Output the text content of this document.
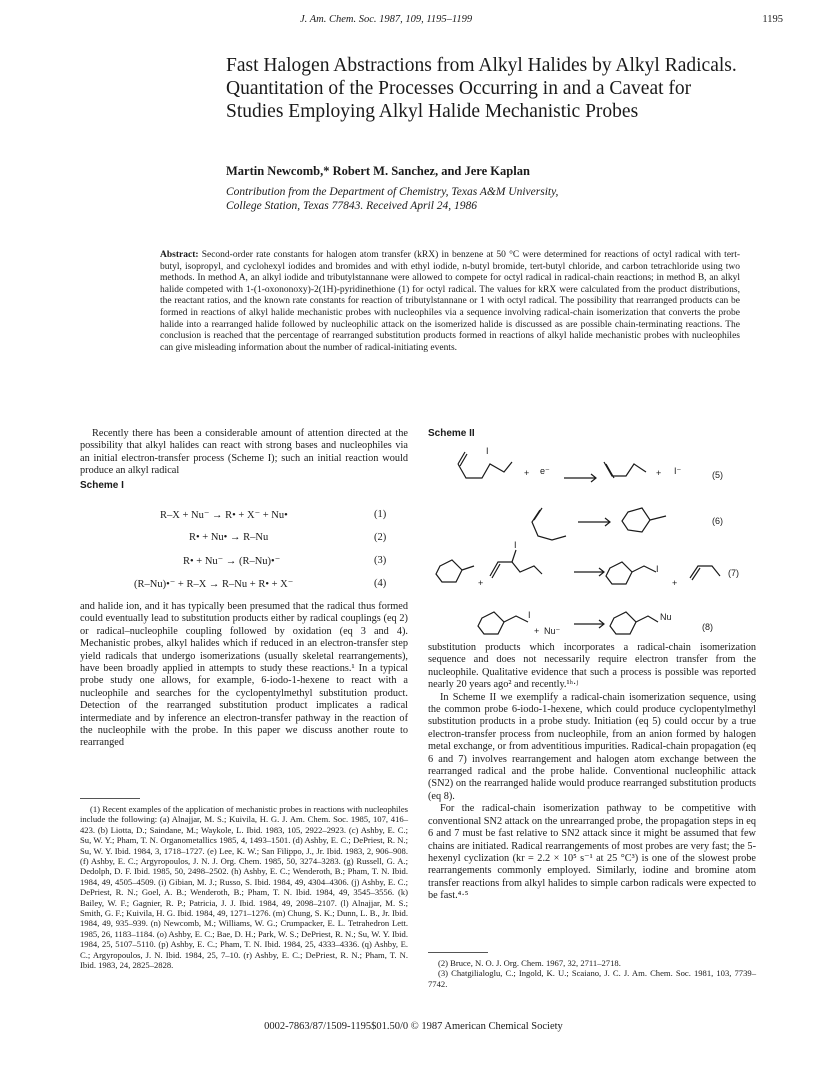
J. Am. Chem. Soc. 1987, 109, 1195–1199	1195
Fast Halogen Abstractions from Alkyl Halides by Alkyl Radicals. Quantitation of the Processes Occurring in and a Caveat for Studies Employing Alkyl Halide Mechanistic Probes
Martin Newcomb,* Robert M. Sanchez, and Jere Kaplan
Contribution from the Department of Chemistry, Texas A&M University,
College Station, Texas 77843. Received April 24, 1986
Abstract: Second-order rate constants for halogen atom transfer (kRX) in benzene at 50 °C were determined for reactions of octyl radical with tert-butyl, isopropyl, and cyclohexyl iodides and bromides and with ethyl iodide, n-butyl bromide, tert-butyl chloride, and carbon tetrachloride using two methods. In method A, an alkyl iodide and tributylstannane were allowed to compete for octyl radical in radical-chain reactions; in method B, an alkyl halide competed with 1-(1-oxononoxy)-2(1H)-pyridinethione (1) for octyl radical. The values for kRX were calculated from the product distributions, the reactant ratios, and the known rate constants for reaction of tributylstannane or 1 with octyl radical. The possibility that rearranged products can be formed in reactions of alkyl halide mechanistic probes with nucleophiles via a sequence involving radical-chain isomerization that converts the probe halide into a rearranged halide followed by nucleophilic attack on the isomerized halide is discussed as are possible chain-terminating reactions. The conclusion is reached that the percentage of rearranged substitution products formed in reactions of alkyl halide mechanistic probes with nucleophiles can give misleading information about the number of radical-initiating events.

Recently there has been a considerable amount of attention directed at the possibility that alkyl halides can react with strong bases and nucleophiles via an initial electron-transfer process (Scheme I); such an initial reaction would produce an alkyl radical

Scheme I
R–X + Nu⁻ → R• + X⁻ + Nu•	(1)
R• + Nu• → R–Nu	(2)
R• + Nu⁻ → (R–Nu)•⁻	(3)
(R–Nu)•⁻ + R–X → R–Nu + R• + X⁻	(4)

and halide ion, and it has typically been presumed that the radical thus formed could eventually lead to substitution products either by radical couplings (eq 2) or radical–nucleophile coupling followed by oxidation (eq 3 and 4). Mechanistic probes, alkyl halides which if reduced in an electron-transfer step yield radicals that undergo isomerizations (usually skeletal rearrangements), have been broadly applied in attempts to study these reactions.¹ In a typical probe study one allows, for example, 6-iodo-1-hexene to react with a nucleophile and searches for the cyclopentylmethyl substitution product. Detection of the rearranged substitution product implicates a radical intermediate and by inference an electron-transfer pathway in the reaction of the nucleophile with the probe. In this paper we discuss another route to rearranged

(1) Recent examples of the application of mechanistic probes in reactions with nucleophiles include the following: (a) Alnajjar, M. S.; Kuivila, H. G. J. Am. Chem. Soc. 1985, 107, 416–423. (b) Liotta, D.; Saindane, M.; Waykole, L. Ibid. 1983, 105, 2922–2923. (c) Ashby, E. C.; Su, W. Y.; Pham, T. N. Organometallics 1985, 4, 1493–1501. (d) Ashby, E. C.; DePriest, R. N.; Su, W. Y. Ibid. 1984, 3, 1718–1727. (e) Lee, K. W.; San Filippo, J., Jr. Ibid. 1983, 2, 906–908. (f) Ashby, E. C.; Argyropoulos, J. N. J. Org. Chem. 1985, 50, 3274–3283. (g) Russell, G. A.; Dedolph, D. F. Ibid. 1985, 50, 2498–2502. (h) Ashby, E. C.; Wenderoth, B.; Pham, T. N. Ibid. 1984, 49, 4505–4509. (i) Gibian, M. J.; Russo, S. Ibid. 1984, 49, 4304–4306. (j) Ashby, E. C.; DePriest, R. N.; Goel, A. B.; Wenderoth, B.; Pham, T. N. Ibid. 1984, 49, 3545–3556. (k) Bailey, W. F.; Gagnier, R. P.; Patricia, J. J. Ibid. 1984, 49, 2098–2107. (l) Alnajjar, M. S.; Smith, G. F.; Kuivila, H. G. Ibid. 1984, 49, 1271–1276. (m) Chung, S. K.; Dunn, L. B., Jr. Ibid. 1984, 49, 935–939. (n) Newcomb, M.; Williams, W. G.; Crumpacker, E. L. Tetrahedron Lett. 1985, 26, 1183–1184. (o) Ashby, E. C.; Bae, D. H.; Park, W. S.; DePriest, R. N.; Su, W. Y. Ibid. 1984, 25, 5107–5110. (p) Ashby, E. C.; Pham, T. N. Ibid. 1984, 25, 4333–4336. (q) Ashby, E. C.; Argyropoulos, J. N. Ibid. 1984, 25, 7–10. (r) Ashby, E. C.; DePriest, R. N.; Pham, T. N. Ibid. 1983, 24, 2825–2828.

Scheme II
I
+ e⁻	+ I⁻	(5)
(6)
+
I
I
+
(7)
I
+ Nu⁻
Nu
(8)

substitution products which incorporates a radical-chain isomerization sequence and does not necessarily require electron transfer from the nucleophile. Qualitative evidence that such a process is possible was reported nearly 20 years ago² and recently.¹ʰ·ʲ

In Scheme II we exemplify a radical-chain isomerization sequence, using the common probe 6-iodo-1-hexene, which could produce cyclopentylmethyl substitution products in a probe study. Initiation (eq 5) could occur by a true electron-transfer process from nucleophile, from an anion formed by halogen metal exchange, or from adventitious impurities. Radical-chain propagation (eq 6 and 7) involves rearrangement and halogen atom exchange between the rearranged radical and the probe halide. Conventional nucleophilic attack (SN2) on the rearranged halide would produce rearranged substitution products (eq 8).

For the radical-chain isomerization pathway to be competitive with conventional SN2 attack on the unrearranged probe, the propagation steps in eq 6 and 7 must be fast relative to SN2 attack since it might be assumed that few chains are initiated. Radical rearrangements of most probes are very fast; the 5-hexenyl cyclization (kr = 2.2 × 10⁵ s⁻¹ at 25 °C³) is one of the slowest probe rearrangements commonly employed. Similarly, iodine and bromine atom transfer reactions from alkyl halides to simple carbon radicals were expected to be fast.⁴·⁵

(2) Bruce, N. O. J. Org. Chem. 1967, 32, 2711–2718.

(3) Chatgilialoglu, C.; Ingold, K. U.; Scaiano, J. C. J. Am. Chem. Soc. 1981, 103, 7739–7742.

0002-7863/87/1509-1195$01.50/0 © 1987 American Chemical Society
